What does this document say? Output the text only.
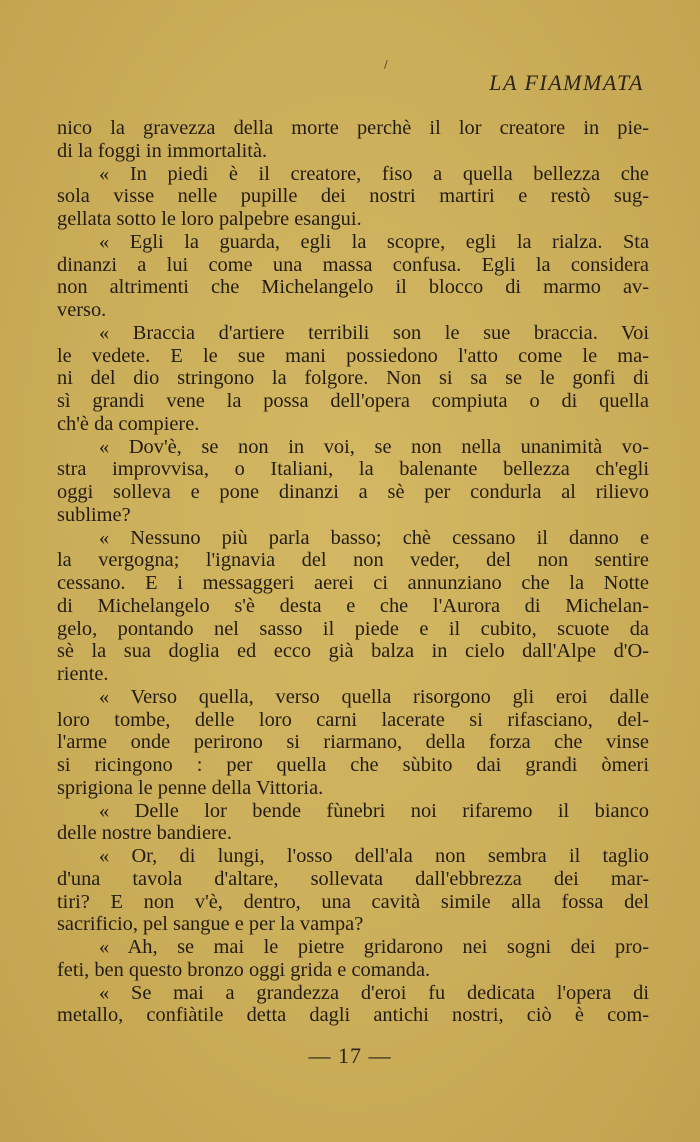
/
LA FIAMMATA
nico la gravezza della morte perchè il lor creatore in pie-
di la foggi in immortalità.
« In piedi è il creatore, fiso a quella bellezza che
sola visse nelle pupille dei nostri martiri e restò sug-
gellata sotto le loro palpebre esangui.
« Egli la guarda, egli la scopre, egli la rialza. Sta
dinanzi a lui come una massa confusa. Egli la considera
non altrimenti che Michelangelo il blocco di marmo av-
verso.
« Braccia d'artiere terribili son le sue braccia. Voi
le vedete. E le sue mani possiedono l'atto come le ma-
ni del dio stringono la folgore. Non si sa se le gonfi di
sì grandi vene la possa dell'opera compiuta o di quella
ch'è da compiere.
« Dov'è, se non in voi, se non nella unanimità vo-
stra improvvisa, o Italiani, la balenante bellezza ch'egli
oggi solleva e pone dinanzi a sè per condurla al rilievo
sublime?
« Nessuno più parla basso; chè cessano il danno e
la vergogna; l'ignavia del non veder, del non sentire
cessano. E i messaggeri aerei ci annunziano che la Notte
di Michelangelo s'è desta e che l'Aurora di Michelan-
gelo, pontando nel sasso il piede e il cubito, scuote da
sè la sua doglia ed ecco già balza in cielo dall'Alpe d'O-
riente.
« Verso quella, verso quella risorgono gli eroi dalle
loro tombe, delle loro carni lacerate si rifasciano, del-
l'arme onde perirono si riarmano, della forza che vinse
si ricingono : per quella che sùbito dai grandi òmeri
sprigiona le penne della Vittoria.
« Delle lor bende fùnebri noi rifaremo il bianco
delle nostre bandiere.
« Or, di lungi, l'osso dell'ala non sembra il taglio
d'una tavola d'altare, sollevata dall'ebbrezza dei mar-
tiri? E non v'è, dentro, una cavità simile alla fossa del
sacrificio, pel sangue e per la vampa?
« Ah, se mai le pietre gridarono nei sogni dei pro-
feti, ben questo bronzo oggi grida e comanda.
« Se mai a grandezza d'eroi fu dedicata l'opera di
metallo, confiàtile detta dagli antichi nostri, ciò è com-
— 17 —
